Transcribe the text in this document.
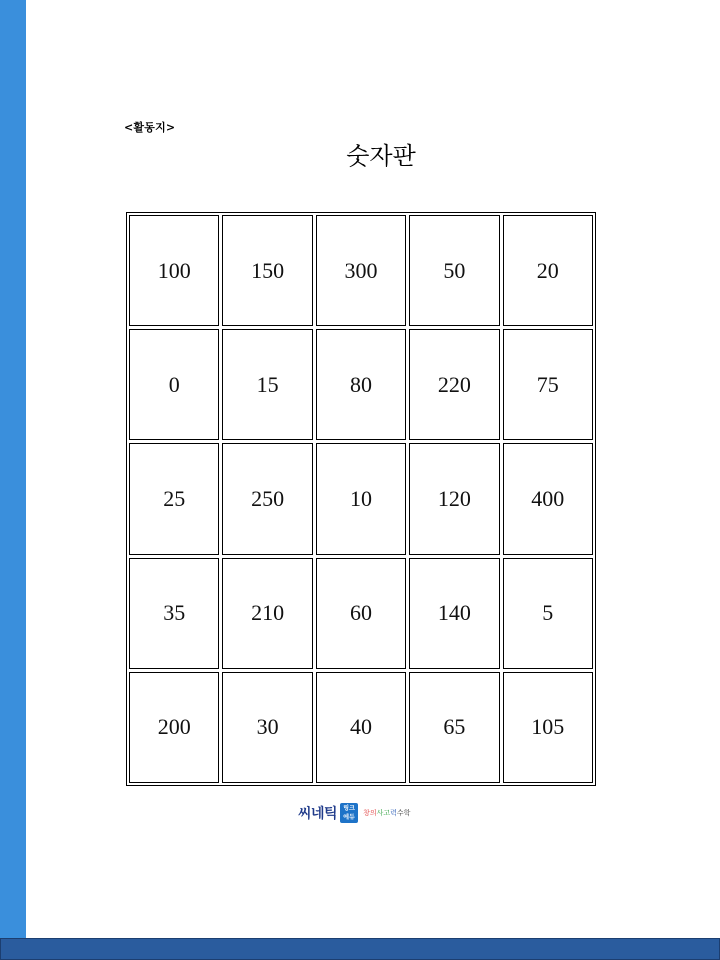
<활동지>
숫자판
100	150	300	50	20
0	15	80	220	75
25	250	10	120	400
35	210	60	140	5
200	30	40	65	105
씨네틱	링크
에듀
창의사고력수학
